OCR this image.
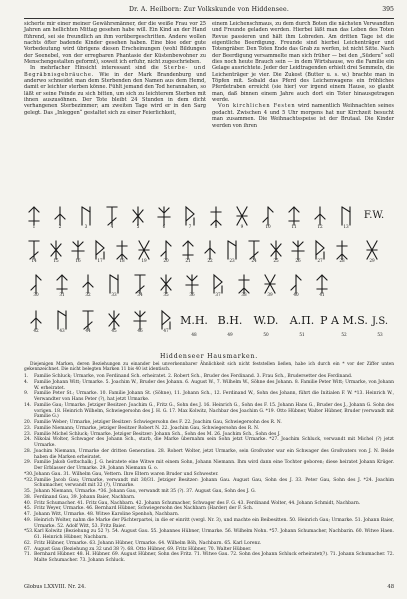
Dr. A. Heilborn: Zur Volkskunde von Hiddensee.	395

sicherte mir einer meiner Gewährsmänner, der die weiße Frau vor 25 Jahren am hellichten Mittag gesehen habe will. Ein Kind an der Hand führend, sei sie freundlich an ihm vorübergeschritten. Andere wollen nachts öfter badende Kinder gesehen haben. Eine bloe oder gute Vorbedeutung wird übrigens diesen Erscheinungen (wohl Bildungen der Seenebel, von der erregbaren Phantasie der Küstenbewohner zu Menschengestalten geformt), soweit ich erfuhr, nicht zugeschrieben.

In mehrfacher Hinsicht interessant sind die Sterbe- und Begräbnisgebräuche. Wie in der Mark Brandenburg und anderwo schneidet man dem Sterbenden den Namen aus dem Hemd, damit er leichter sterben könne. Fühlt jemand den Tod herannahen, so läßt er seine Feinde zu sich bitten, um sich zu leichterem Sterben mit ihnen auszusöhnen. Der Tote bleibt 24 Stunden in dem dicht verhangenen Sterbezimmer; am zweiten Tage wird er in den Sarg gelegt. Das „Inleggen“ gestaltet sich zu einer Feierlichkeit,

einem Leichenschmaus, zu dem durch Boten die nächsten Verwandten und Freunde geladen werden. Hierbei läßt man das Leben des Toten Revue passieren und hält ihm Lobreden. Am dritten Tage ist die eigentliche Beerdigung. Freunde sind hierbei Leichenträger und Totengräber. Den Toten Ende das Grab zu werfen, ist nicht Sitte. Nach der Beerdigung versammelte man sich früher — bei den „Süderu“ soll dies noch heute Brauch sein — in dem Wirtshause, wo die Familie ein Gelage ausrichtete. Jeder der Leidtragenden erhielt drei Semmeln, die Leichenträger je vier. Die Zukost (Butter u. s. w.) brachte man in Töpfen mit. Sobald das Pferd des Leichenwagens ein fröhliches Pferdetraben erreicht (sie hier) vor irgend einem Hause, so glaubt man, daß binnen einem Jahre auch dort ein Toter hinausgetragen werde.

Von kirchlichen Festen wird namentlich Weihnachten seines gedacht. Zwischen 4 und 5 Uhr morgens hat nur Kirchzeit besucht man zusammen. Die Weihnachtsspeise ist der Brutaal. Die Kinder werden von ihren

1	2	3	4	5	6	7	8	9	10	11	12	13
14	15	16	17	18	19	20	21	22	23	24	25	26	27	28	29
30	31	32	33	34	35	36	37	38	39	40	41
42	43	44	45	46	47
F.W.
M.H. B.H. W.D. A.П. P A M.S. J.S.
48	49	50	51	52	53
Hiddenseer Hausmarken.
Diejenigen Marken, deren Beziehungen zu einander bei unverkennbarer Ähnlichkeit sich nicht feststellen ließen, habe ich durch ein * vor der Ziffer unten gekennzeichnet. Die nicht belegten Marken 11 bis 40 ist identisch.
1. Familie Schluck; Urmarke, von Ferdinand Sch. erheiratet. 2. Robert Sch., Bruder des Ferdinand. 3. Frau Sch., Brudersetter des Ferdinand.
4. Familie Johann Witt; Urmarke. 5. Joachim W., Bruder des Johann. 6. August W., 7. Wilhelm W., Söhne des Johann. 8. Familie Peter Witt; Urmarke, von Johann W. erheiratet.
9. Familie Peter St.; Urmarke. 10. Familie Johann St. (Söhne), 11. Johann Sch., 12. Ferdinand W., Sohn des Johann, führt die Initialen F. W. *13. Heinrich W., Verwandter von Hans Peter (?), hat jetzt Urmarke.
14. Familie Gau; Urmarke. Jetziger Besitzer: Joachim G., Fritz G., Sohn des J. 16. Heinrich G., Sohn des F. 15. Johann Hans G., Bruder des J., Johann G. Sohn des vorigen. 18. Heinrich Wilhelm, Schwiegersohn des J. H. G. 17. Max Kolwitz, Nachbar des Joachim G. *19. Otto Hübner, Walter Hübner, Bruder (verwandt mit Familie G.)
20. Familie Weber; Urmarke, jetziger Besitzer: Schwiegersohn des F. 22. Joachim Gau, Schwiegersohn des R. N.
23. Familie Niemann; Urmarke, jetziger Besitzer Robert N. 22. Joachim Gau, Schwiegersohn des R. N.
23. Familie Michel Schluck; Urmarke. Jetziger Besitzer: Johann Sch., Sohn des M. 26. Joachim Sch., Sohn des J.
24. Nikolai Wolter, Schwager des Johann Sch., starb, die Marke übernahm sein Sohn jetzt Urmarke. *27. Joachim Schluck, verwandt mit Michel (?) jetzt Urmarke.
28. Joachim Niemann, Urmarke der dritten Generation. 28. Robert Wolter, jetzt Urmarke, sein Großvater war ein Schwager des Großvaters von J. N. Beide haben die Marken erheiratet.
29. Familie Jakob Gottschalk; J. G. heiratete eine Witwe mit einem Sohn, Johann Niemann. Ihm wird dann eine Tochter geboren; diese heiratet Johann Krüger. Der Erblasser der Urmarke. 29. Johann Niemann G. o.
*30.Johann Gau. 31. Wilhelm Gau, Vettern. Ihre Eltern waren Bruder und Schwester.
*32.Familie Jacob Gau; Urmarke, verwandt mit 30/31. Jetziger Besitzer: Johann Gau. August Gau, Sohn des J. 33. Peter Gau, Sohn des J. *24. Joachim Schumacher, verwandt mit 32 (?), Urmarke.
35. Johann Niemann, Urmarke. *36. Johann Gau, verwandt mit 35 (?). 37. August Gau, Sohn des J. G.
38. Ferdinand Gau, 39. Johann Baier, Nachbarn.
40. Fritz Schumacher. 41. Fritz Gau, Nachbarn. 42. Johann Schumacher, Schwager des F. G. 43. Ferdinand Wolter, 44. Johann Schmidt, Nachbarn.
45. Fritz Weyer, Urmarke. 46. Bernhard Hübner, Schwiegersohn des Nachbarn (Harder) der F. Sch.
47. Johann Witt, Urmarke. 48. Witwe Karoline Spenhoh, Nachbarn.
49. Heinrich Wolter, nahm die Marke der Pächterpartei, in die er einritt (vergl. Nr. 3), und machte ein Beibesitten. 50. Heinrich Gau; Urmarke. 51. Johann Baier, Urmarke. 52. Adolf Witt, 53. Fritz Baier.
*53.Karl Kolwitz (Beziehung zu 52 ?). 54. August Gau. 55. Johannes Hübner, Urmarke. 56. Wilhelm Nohn. *57. Johann Schumacher, Nachbarin. 60. Witwe Haen. 61. Heinrich Hübner, Nachbarn.
62. Fritz Hübner, Urmarke. 63. Johann Hübner, Urmarke. 64. Wilhelm Böh, Nachbarn. 65. Karl Lorenz.
67. August Gau (Beziehung zu 32 und 38 ?). 68. Otto Hübner, 69. Fritz Hübner, 70. Walter Hübner.
71. Bernhard Hübner. 48. H. Hübner. 69. August Hübner, Sohn des Fritz. 71. Witwe Gau. 72. Sohn des Johann Schluck erheiratet(?). 71. Johann Schumacher. 72. Malte Schumacher. 73. Johann Schluck.
Globus LXXVIII. Nr. 24.	48
